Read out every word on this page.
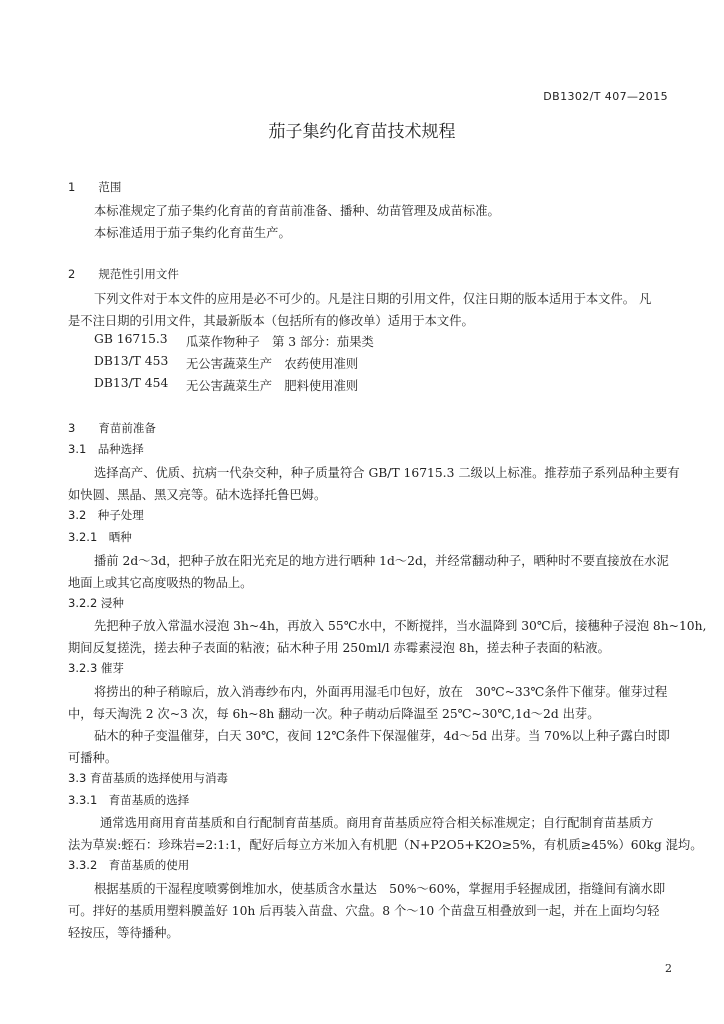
DB1302/T 407—2015
茄子集约化育苗技术规程
1　　范围
本标准规定了茄子集约化育苗的育苗前准备、播种、幼苗管理及成苗标准。
本标准适用于茄子集约化育苗生产。
2　　规范性引用文件
下列文件对于本文件的应用是必不可少的。凡是注日期的引用文件，仅注日期的版本适用于本文件。 凡
是不注日期的引用文件，其最新版本（包括所有的修改单）适用于本文件。
GB 16715.3 瓜菜作物种子　第 3 部分：茄果类
DB13/T 453 无公害蔬菜生产　农药使用准则
DB13/T 454 无公害蔬菜生产　肥料使用准则
3　　育苗前准备
3.1　品种选择
选择高产、优质、抗病一代杂交种，种子质量符合 GB/T 16715.3 二级以上标准。推荐茄子系列品种主要有
如快圆、黑晶、黑又亮等。砧木选择托鲁巴姆。
3.2　种子处理
3.2.1　晒种
播前 2d～3d，把种子放在阳光充足的地方进行晒种 1d～2d，并经常翻动种子，晒种时不要直接放在水泥
地面上或其它高度吸热的物品上。
3.2.2 浸种
先把种子放入常温水浸泡 3h~4h，再放入 55℃水中，不断搅拌，当水温降到 30℃后，接穗种子浸泡 8h~10h,
期间反复搓洗，搓去种子表面的粘液；砧木种子用 250ml/l 赤霉素浸泡 8h，搓去种子表面的粘液。
3.2.3 催芽
将捞出的种子稍晾后，放入消毒纱布内，外面再用湿毛巾包好，放在　30℃~33℃条件下催芽。催芽过程
中，每天淘洗 2 次~3 次，每 6h~8h 翻动一次。种子萌动后降温至 25℃~30℃,1d～2d 出芽。
砧木的种子变温催芽，白天 30℃，夜间 12℃条件下保湿催芽，4d～5d 出芽。当 70%以上种子露白时即
可播种。
3.3 育苗基质的选择使用与消毒
3.3.1　育苗基质的选择
通常选用商用育苗基质和自行配制育苗基质。商用育苗基质应符合相关标准规定；自行配制育苗基质方
法为草炭:蛭石：珍珠岩=2:1:1，配好后每立方米加入有机肥（N+P2O5+K2O≥5%，有机质≥45%）60kg 混均。
3.3.2　育苗基质的使用
根据基质的干湿程度喷雾倒堆加水，使基质含水量达　50%～60%，掌握用手轻握成团，指缝间有滴水即
可。拌好的基质用塑料膜盖好 10h 后再装入苗盘、穴盘。8 个～10 个苗盘互相叠放到一起，并在上面均匀轻
轻按压，等待播种。
2
